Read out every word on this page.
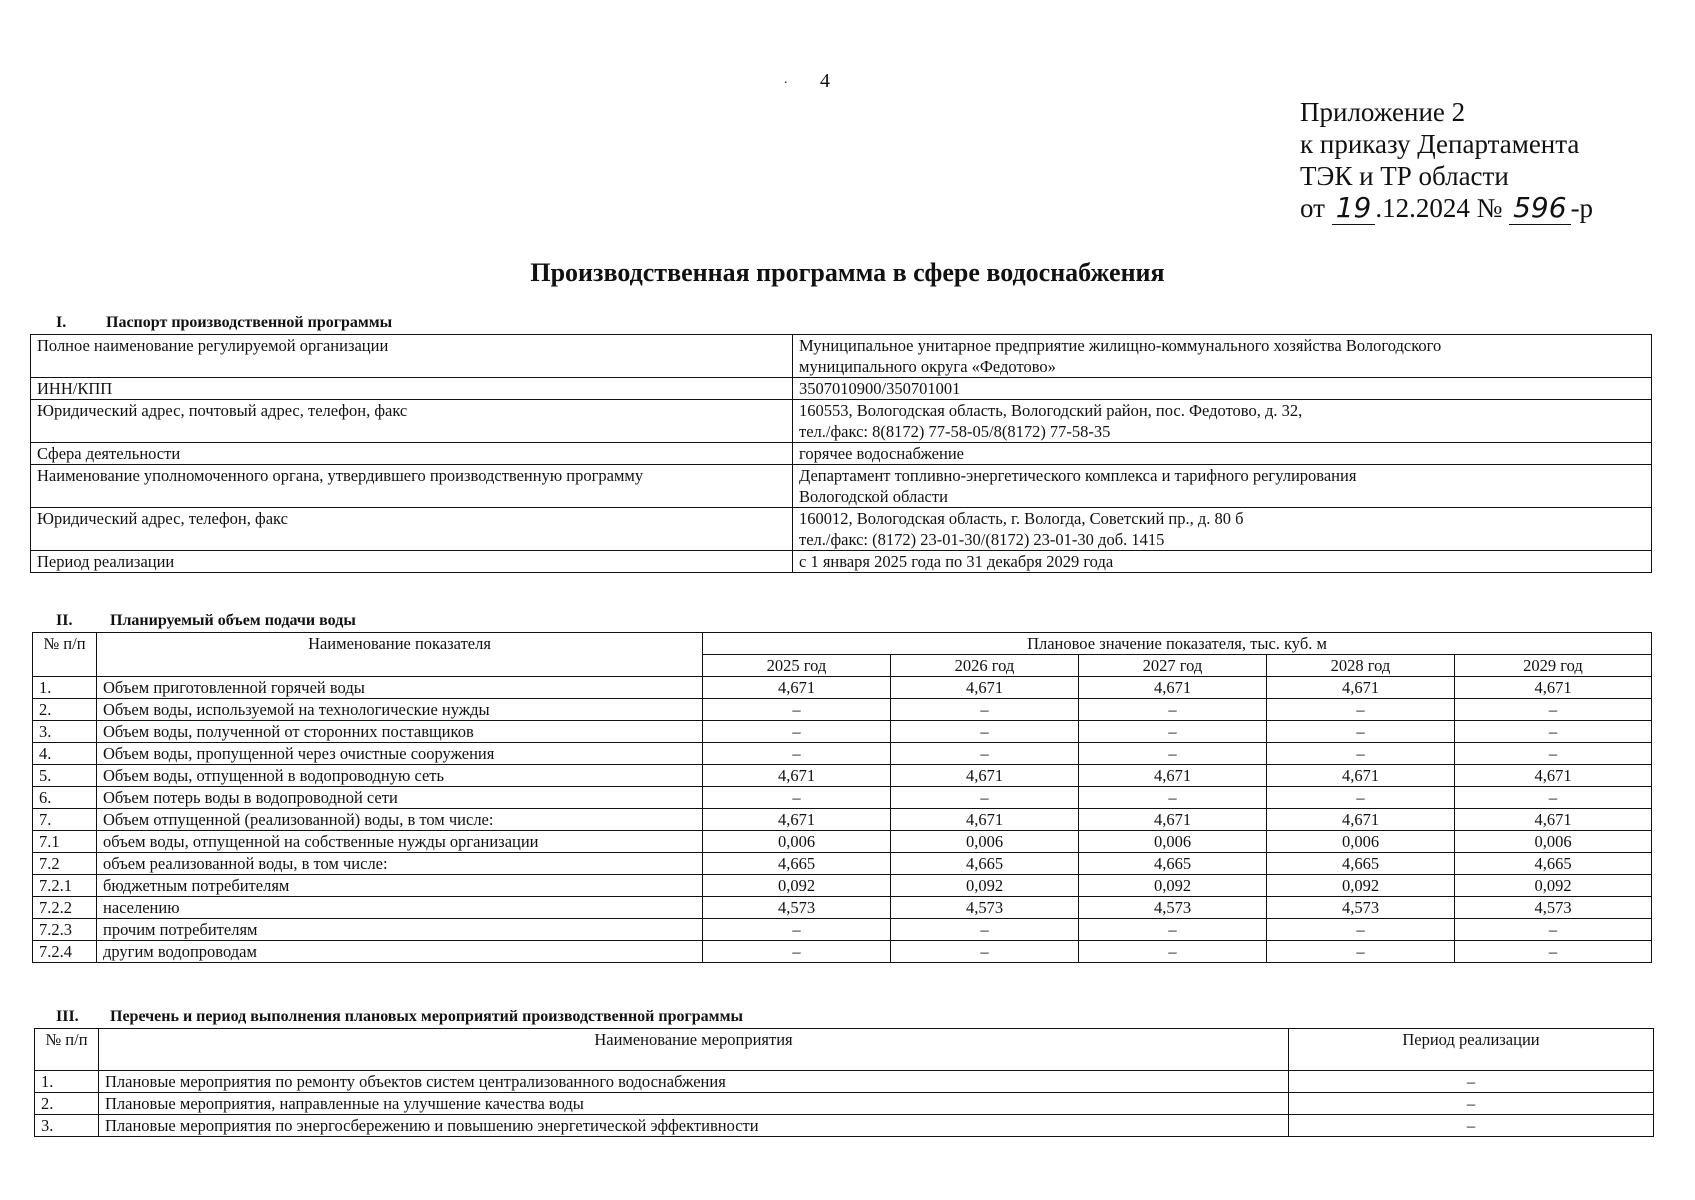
. 4
Приложение 2
к приказу Департамента
ТЭК и ТР области
от 19 .12.2024 № 596 -р
Производственная программа в сфере водоснабжения
I. Паспорт производственной программы
Полное наименование регулируемой организации	Муниципальное унитарное предприятие жилищно-коммунального хозяйства Вологодского
муниципального округа «Федотово»

ИНН/КПП	3507010900/350701001

Юридический адрес, почтовый адрес, телефон, факс	160553, Вологодская область, Вологодский район, пос. Федотово, д. 32,
тел./факс: 8(8172) 77-58-05/8(8172) 77-58-35

Сфера деятельности	горячее водоснабжение

Наименование уполномоченного органа, утвердившего производственную программу	Департамент топливно-энергетического комплекса и тарифного регулирования
Вологодской области

Юридический адрес, телефон, факс	160012, Вологодская область, г. Вологда, Советский пр., д. 80 б
тел./факс: (8172) 23-01-30/(8172) 23-01-30 доб. 1415

Период реализации	с 1 января 2025 года по 31 декабря 2029 года
II. Планируемый объем подачи воды
№ п/п	Наименование показателя	Плановое значение показателя, тыс. куб. м				
		2025 год	2026 год	2027 год	2028 год	2029 год
1.	Объем приготовленной горячей воды	4,671	4,671	4,671	4,671	4,671
2.	Объем воды, используемой на технологические нужды	–	–	–	–	–
3.	Объем воды, полученной от сторонних поставщиков	–	–	–	–	–
4.	Объем воды, пропущенной через очистные сооружения	–	–	–	–	–
5.	Объем воды, отпущенной в водопроводную сеть	4,671	4,671	4,671	4,671	4,671
6.	Объем потерь воды в водопроводной сети	–	–	–	–	–
7.	Объем отпущенной (реализованной) воды, в том числе:	4,671	4,671	4,671	4,671	4,671
7.1	объем воды, отпущенной на собственные нужды организации	0,006	0,006	0,006	0,006	0,006
7.2	объем реализованной воды, в том числе:	4,665	4,665	4,665	4,665	4,665
7.2.1	бюджетным потребителям	0,092	0,092	0,092	0,092	0,092
7.2.2	населению	4,573	4,573	4,573	4,573	4,573
7.2.3	прочим потребителям	–	–	–	–	–
7.2.4	другим водопроводам	–	–	–	–	–
III. Перечень и период выполнения плановых мероприятий производственной программы
№ п/п	Наименование мероприятия	Период реализации
1.	Плановые мероприятия по ремонту объектов систем централизованного водоснабжения	–
2.	Плановые мероприятия, направленные на улучшение качества воды	–
3.	Плановые мероприятия по энергосбережению и повышению энергетической эффективности	–
